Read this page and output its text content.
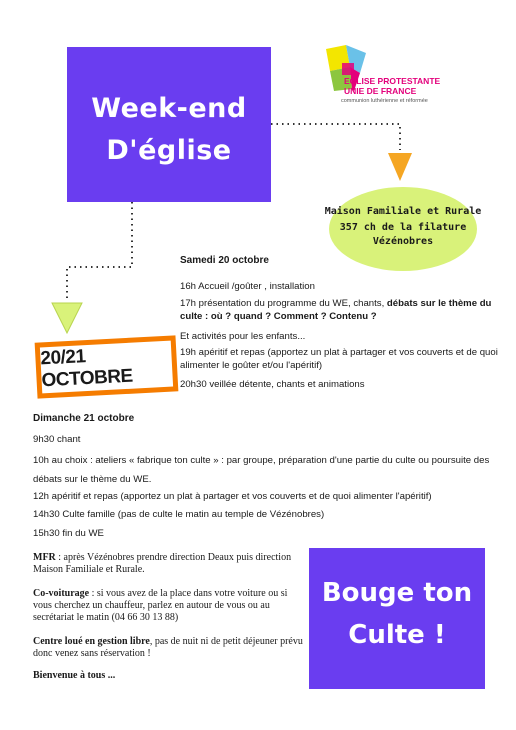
Week-end
D'église
EGLISE PROTESTANTE
UNIE DE FRANCE
communion luthérienne et réformée
Maison Familiale et Rurale
357 ch de la filature
Vézénobres
20/21 OCTOBRE
Samedi 20 octobre
16h Accueil /goûter , installation
17h présentation du programme du WE, chants, débats sur le thème du culte : où ? quand ? Comment ? Contenu ?
Et activités pour les enfants...
19h apéritif et repas (apportez un plat à partager et vos couverts et de quoi alimenter le goûter et/ou l'apéritif)
20h30 veillée détente, chants et animations
Dimanche 21 octobre
9h30 chant
10h au choix : ateliers « fabrique ton culte » : par groupe, préparation d'une partie du culte ou poursuite des débats sur le thème du WE.
12h apéritif et repas (apportez un plat à partager et vos couverts et de quoi alimenter l'apéritif)
14h30 Culte famille (pas de culte le matin au temple de Vézénobres)
15h30 fin du WE
MFR : après Vézénobres prendre direction Deaux puis direction Maison Familiale et Rurale.
Co-voiturage : si vous avez de la place dans votre voiture ou si vous cherchez un chauffeur, parlez en autour de vous ou au secrétariat le matin (04 66 30 13 88)
Centre loué en gestion libre, pas de nuit ni de petit déjeuner prévu donc venez sans réservation !
Bienvenue à tous ...
Bouge ton
Culte !
